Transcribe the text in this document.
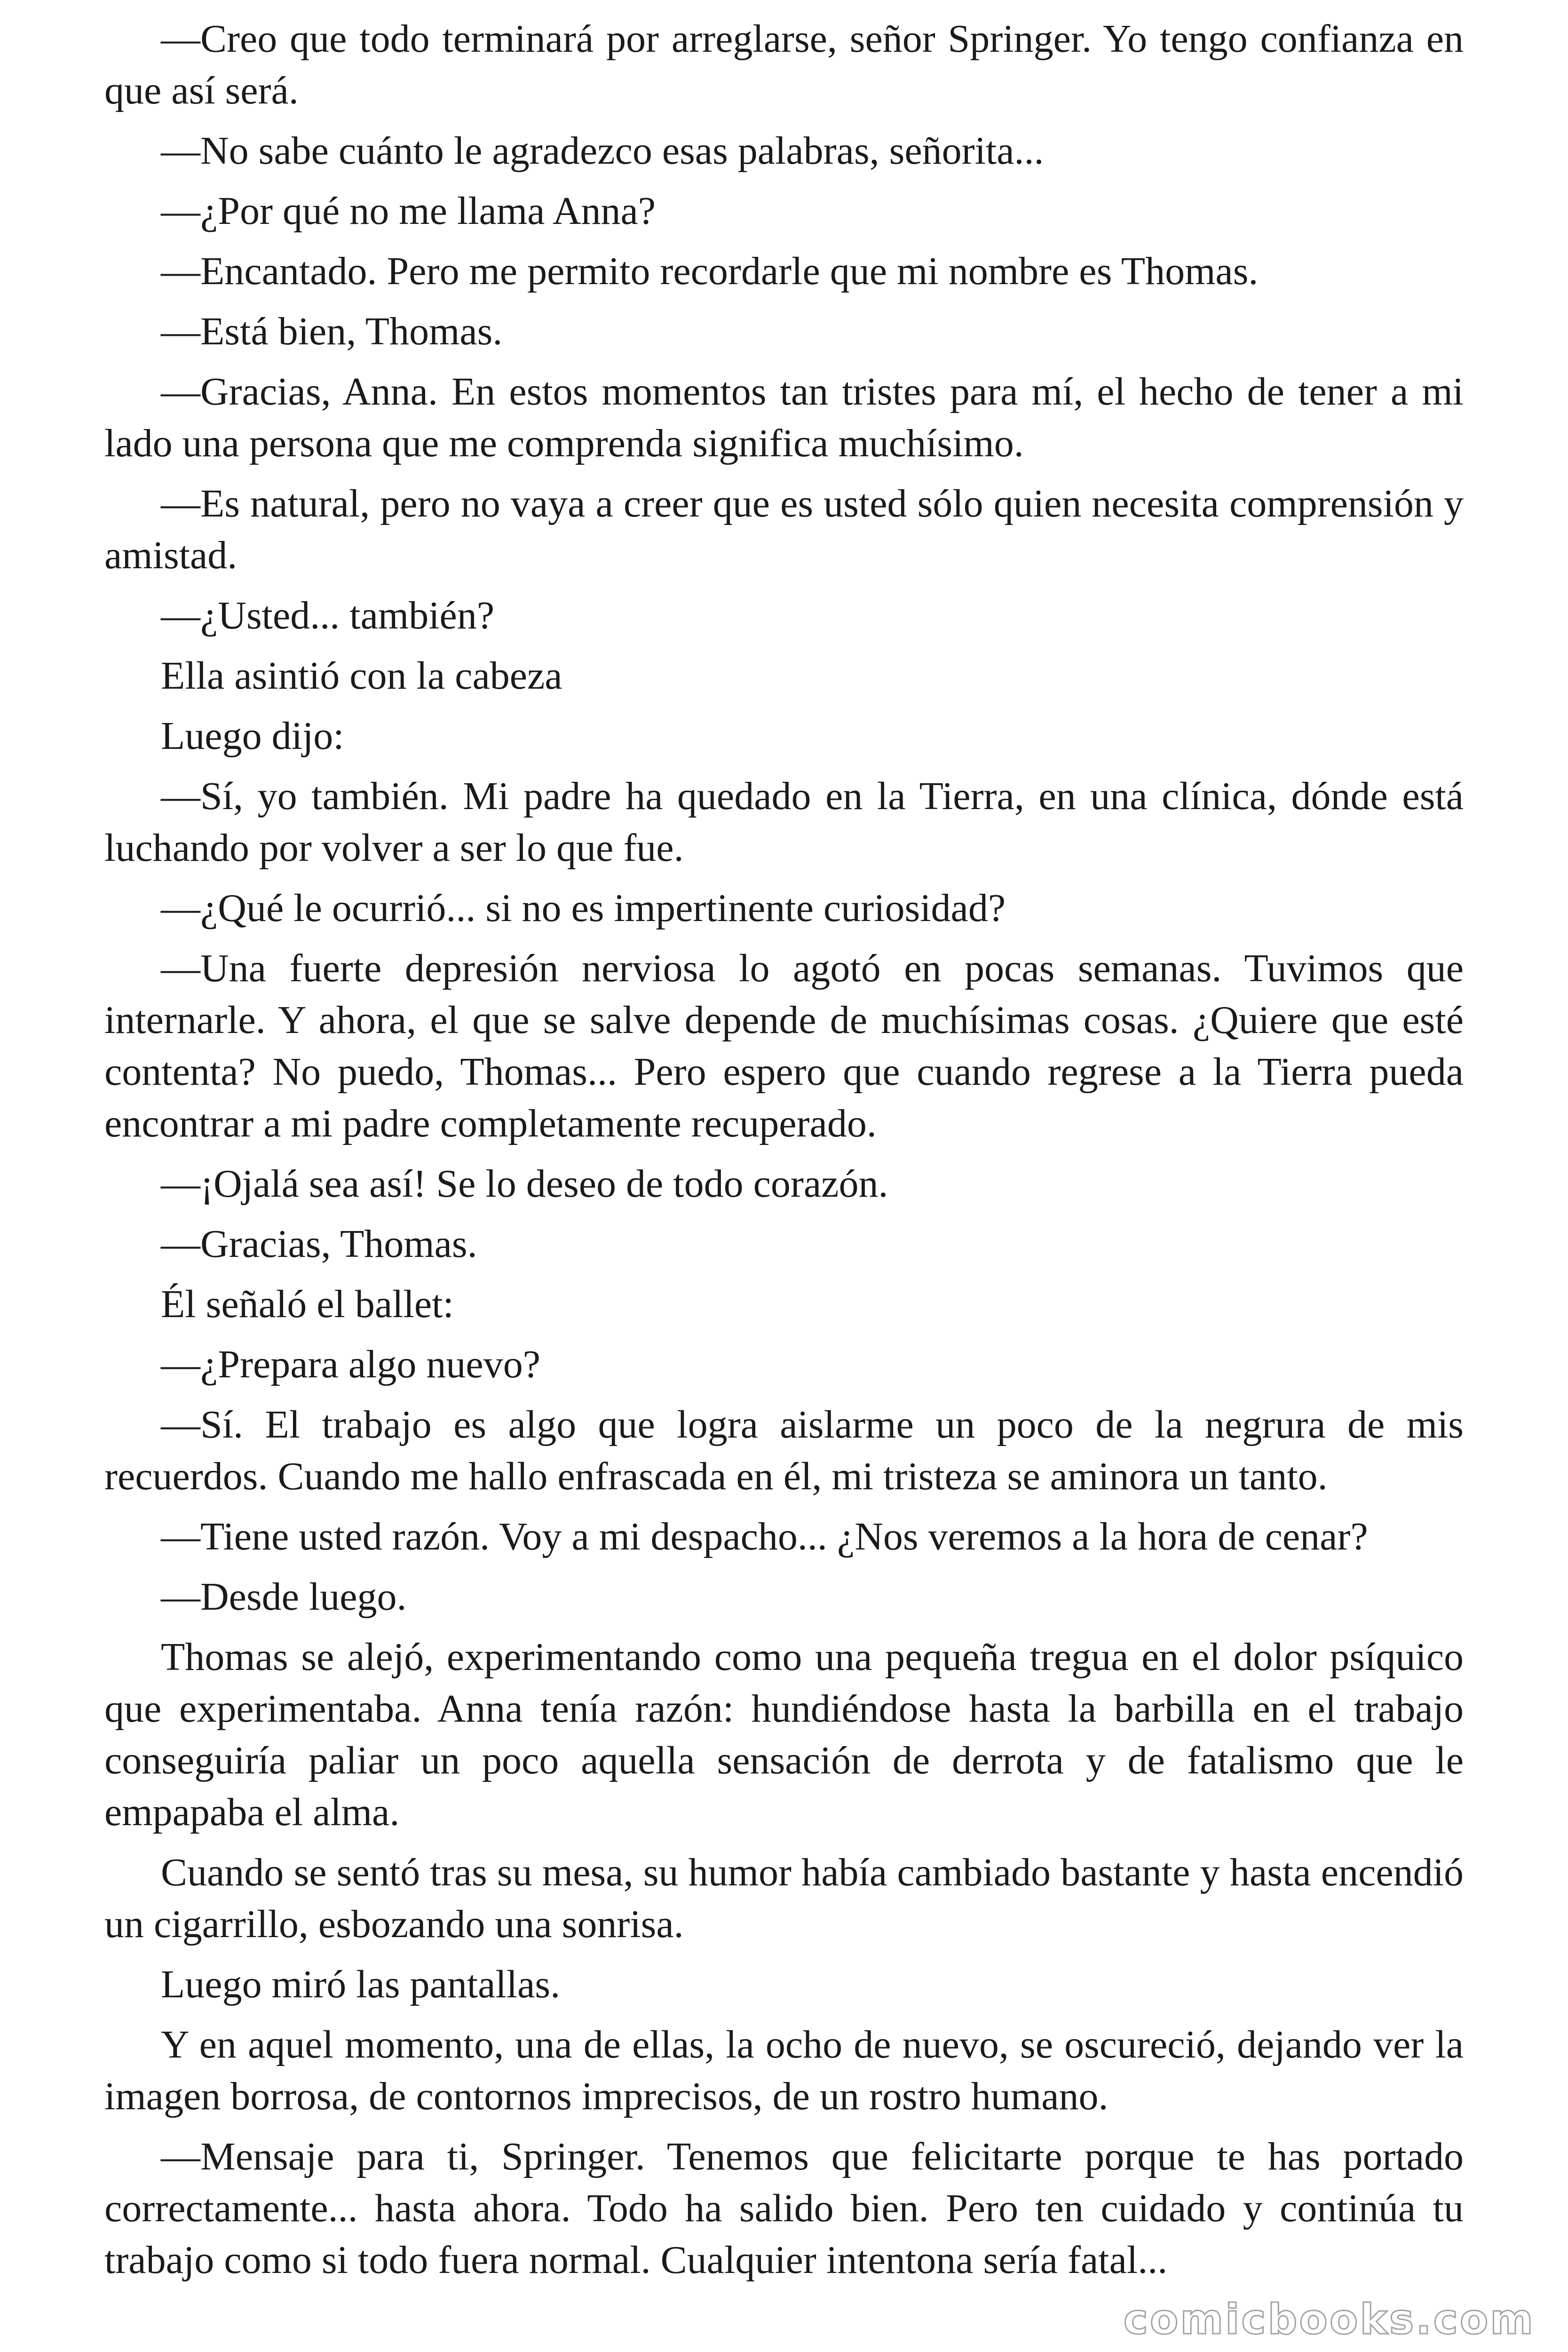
—Creo que todo terminará por arreglarse, señor Springer. Yo tengo confianza en que así será.

—No sabe cuánto le agradezco esas palabras, señorita...

—¿Por qué no me llama Anna?

—Encantado. Pero me permito recordarle que mi nombre es Thomas.

—Está bien, Thomas.

—Gracias, Anna. En estos momentos tan tristes para mí, el hecho de tener a mi lado una persona que me comprenda significa muchísimo.

—Es natural, pero no vaya a creer que es usted sólo quien necesita comprensión y amistad.

—¿Usted... también?

Ella asintió con la cabeza

Luego dijo:

—Sí, yo también. Mi padre ha quedado en la Tierra, en una clínica, dónde está luchando por volver a ser lo que fue.

—¿Qué le ocurrió... si no es impertinente curiosidad?

—Una fuerte depresión nerviosa lo agotó en pocas semanas. Tuvimos que internarle. Y ahora, el que se salve depende de muchísimas cosas. ¿Quiere que esté contenta? No puedo, Thomas... Pero espero que cuando regrese a la Tierra pueda encontrar a mi padre completamente recuperado.

—¡Ojalá sea así! Se lo deseo de todo corazón.

—Gracias, Thomas.

Él señaló el ballet:

—¿Prepara algo nuevo?

—Sí. El trabajo es algo que logra aislarme un poco de la negrura de mis recuerdos. Cuando me hallo enfrascada en él, mi tristeza se aminora un tanto.

—Tiene usted razón. Voy a mi despacho... ¿Nos veremos a la hora de cenar?

—Desde luego.

Thomas se alejó, experimentando como una pequeña tregua en el dolor psíquico que experimentaba. Anna tenía razón: hundiéndose hasta la barbilla en el trabajo conseguiría paliar un poco aquella sensación de derrota y de fatalismo que le empapaba el alma.

Cuando se sentó tras su mesa, su humor había cambiado bastante y hasta encendió un cigarrillo, esbozando una sonrisa.

Luego miró las pantallas.

Y en aquel momento, una de ellas, la ocho de nuevo, se oscureció, dejando ver la imagen borrosa, de contornos imprecisos, de un rostro humano.

—Mensaje para ti, Springer. Tenemos que felicitarte porque te has portado correctamente... hasta ahora. Todo ha salido bien. Pero ten cuidado y continúa tu trabajo como si todo fuera normal. Cualquier intentona sería fatal...

comicbooks.com
